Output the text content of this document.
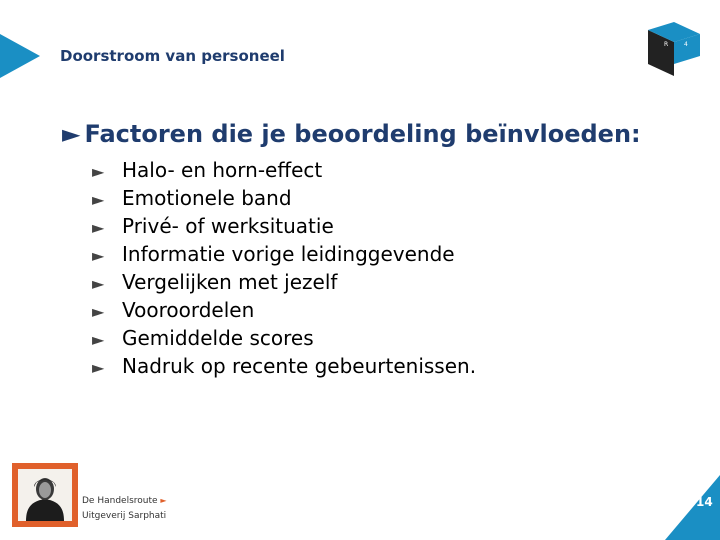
Doorstroom van personeel
R	4
► Factoren die je beoordeling beïnvloeden:
► Halo- en horn-effect
► Emotionele band
► Privé- of werksituatie
► Informatie vorige leidinggevende
► Vergelijken met jezelf
► Vooroordelen
► Gemiddelde scores
► Nadruk op recente gebeurtenissen.
De Handelsroute ►
Uitgeverij Sarphati
14
